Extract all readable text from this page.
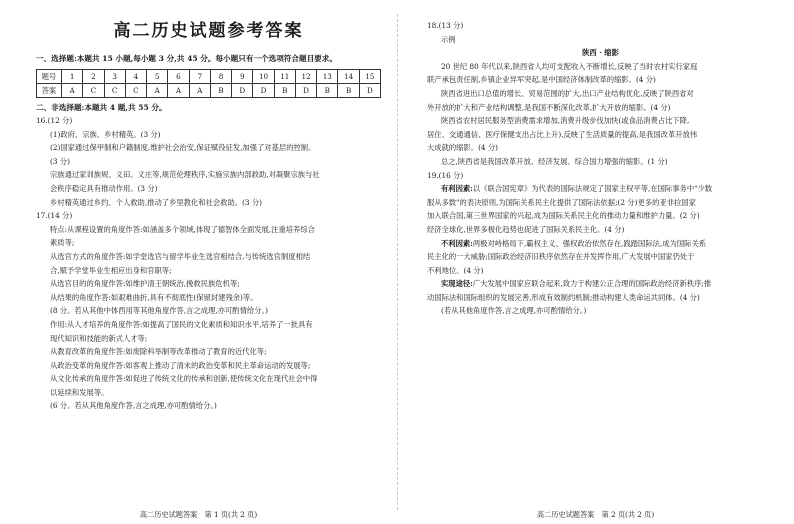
高二历史试题参考答案

一、选择题:本题共 15 小题,每小题 3 分,共 45 分。每小题只有一个选项符合题目要求。

题号	1	2	3	4	5	6	7	8	9	10	11	12	13	14	15
答案	A	C	C	C	A	A	A	B	D	D	B	D	B	B	D

二、非选择题:本题共 4 题,共 55 分。

16.(12 分)

(1)政府、宗族、乡村精英。(3 分)

(2)国家通过保甲制和户籍制度,维护社会治安,保证赋役征发,加强了对基层的控制。

(3 分)

宗族通过家训族规、义田、义庄等,规范伦理秩序,实施宗族内部救助,对凝聚宗族与社

会秩序稳定具有推动作用。(3 分)

乡村精英通过乡约、个人救助,推动了乡里教化和社会救助。(3 分)

17.(14 分)

特点:从课程设置的角度作答:如涵盖多个领域,体现了德智体全面发展,注重培养综合

素质等;

从选官方式的角度作答:如学堂选官与留学毕业生选官相结合,与传统选官制度相结

合,赋予学堂毕业生相应出身和官职等;

从选官目的的角度作答:如维护清王朝统治,挽救民族危机等;

从结果的角度作答:如艰难曲折,具有不彻底性(保留封建残余)等。

(8 分。若从其他中体西用等其他角度作答,言之成理,亦可酌情给分。)

作用:从人才培养的角度作答:如提高了国民的文化素质和知识水平,培养了一批具有

现代知识和技能的新式人才等;

从教育改革的角度作答:如废除科举制等改革推动了教育的近代化等;

从政治变革的角度作答:如客观上推动了清末的政治变革和民主革命运动的发展等;

从文化传承的角度作答:如促进了传统文化的传承和创新,使传统文化在现代社会中得

以延续和发展等。

(6 分。若从其他角度作答,言之成理,亦可酌情给分。)

高二历史试题答案　第 1 页(共 2 页)

18.(13 分)

示例

陕西 · 缩影

20 世纪 80 年代以来,陕西省人均可支配收入不断增长,反映了当时农村实行家庭

联产承包责任制,乡镇企业异军突起,是中国经济体制改革的缩影。(4 分)

陕西省进出口总值的增长、贸易范围的扩大,出口产业结构优化,反映了陕西省对

外开放的扩大和产业结构调整,是我国不断深化改革,扩大开放的缩影。(4 分)

陕西省农村居民服务型消费需求增加,消费升级步伐加快(或食品消费占比下降,

居住、交通通信、医疗保健支出占比上升),反映了生活质量的提高,是我国改革开放伟

大成就的缩影。(4 分)

总之,陕西省是我国改革开放、经济发展、综合国力增强的缩影。(1 分)

19.(16 分)

有利因素:以《联合国宪章》为代表的国际法规定了国家主权平等,在国际事务中"少数

服从多数"的表决原则,为国际关系民主化提供了国际法依据;(2 分)更多的亚非拉国家

加入联合国,第三世界国家的兴起,成为国际关系民主化的推动力量和维护力量。(2 分)

经济全球化,世界多极化趋势也促进了国际关系民主化。(4 分)

不利因素:两极对峙格局下,霸权主义、强权政治依然存在,践踏国际法,成为国际关系

民主化的一大威胁;国际政治经济旧秩序依然存在并发挥作用,广大发展中国家仍处于

不利地位。(4 分)

实现途径:广大发展中国家应联合起来,致力于构建公正合理的国际政治经济新秩序;推

动国际法和国际组织的发展完善,形成有效制约机制;推动构建人类命运共同体。(4 分)

(若从其他角度作答,言之成理,亦可酌情给分。)

高二历史试题答案　第 2 页(共 2 页)
